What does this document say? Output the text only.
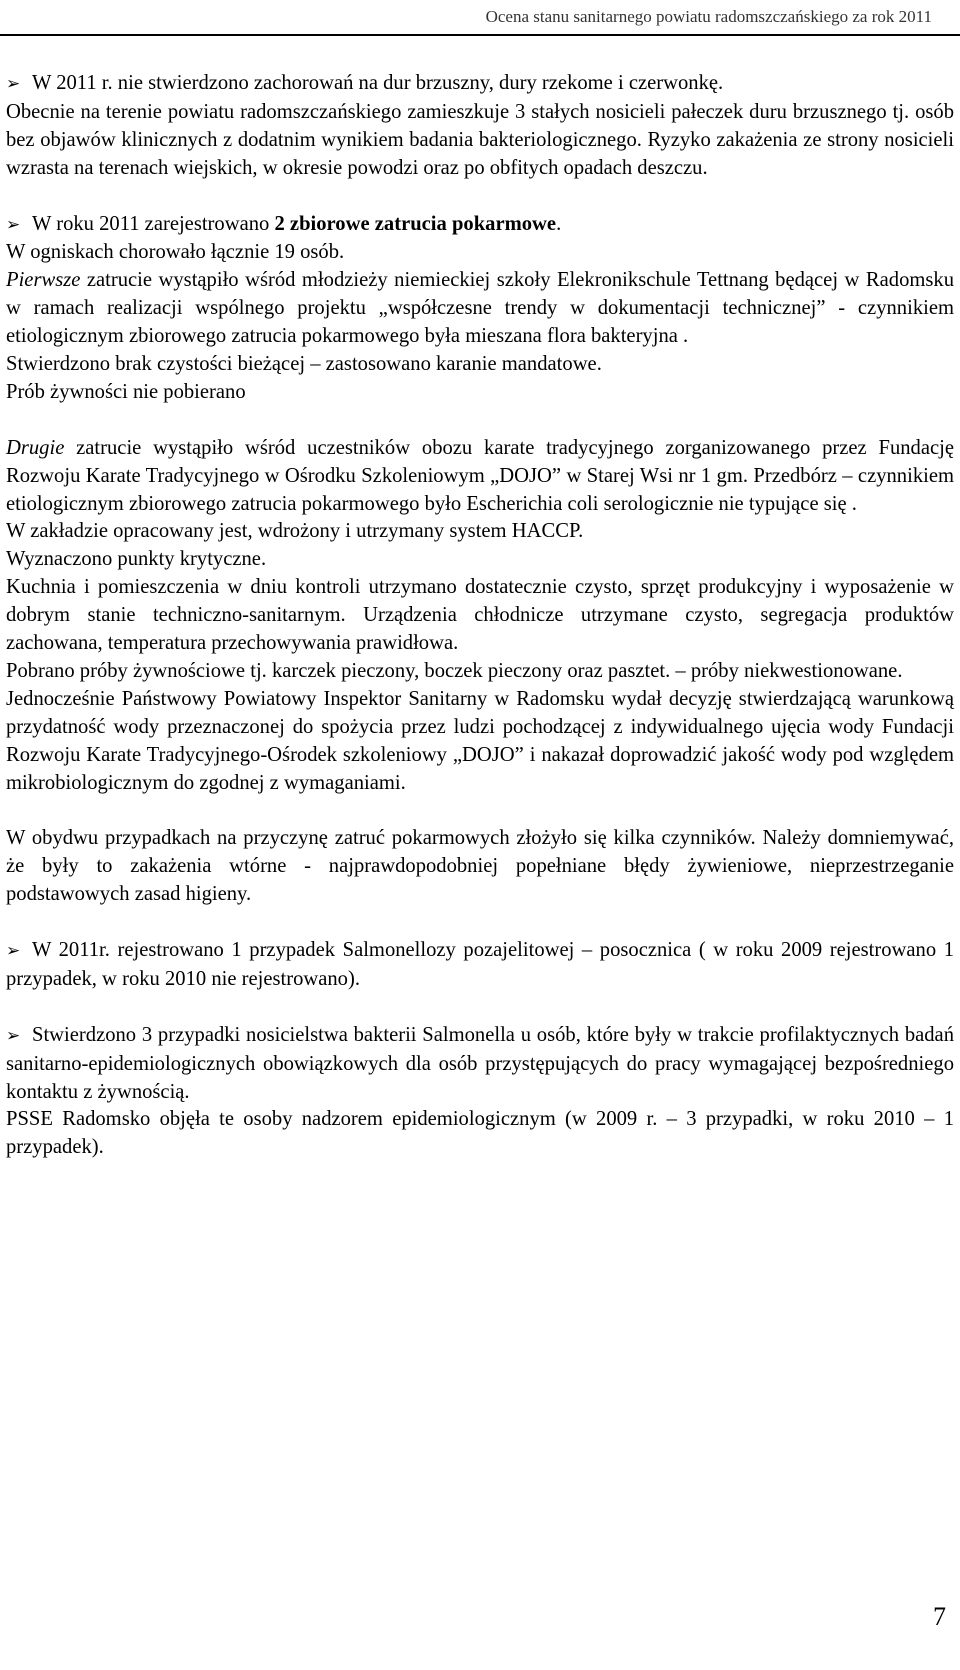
Ocena stanu sanitarnego powiatu radomszczańskiego za rok 2011

➢ W 2011 r. nie stwierdzono zachorowań na dur brzuszny, dury rzekome i czerwonkę.

Obecnie na terenie powiatu radomszczańskiego zamieszkuje 3 stałych nosicieli pałeczek duru brzusznego tj. osób bez objawów klinicznych z dodatnim wynikiem badania bakteriologicznego. Ryzyko zakażenia ze strony nosicieli wzrasta na terenach wiejskich, w okresie powodzi oraz po obfitych opadach deszczu.

➢ W roku 2011 zarejestrowano 2 zbiorowe zatrucia pokarmowe.

W ogniskach chorowało łącznie 19 osób.

Pierwsze zatrucie wystąpiło wśród młodzieży niemieckiej szkoły Elekronikschule Tettnang będącej w Radomsku w ramach realizacji wspólnego projektu „współczesne trendy w dokumentacji technicznej” - czynnikiem etiologicznym zbiorowego zatrucia pokarmowego była mieszana flora bakteryjna .

Stwierdzono brak czystości bieżącej – zastosowano karanie mandatowe.

Prób żywności nie pobierano

Drugie zatrucie wystąpiło wśród uczestników obozu karate tradycyjnego zorganizowanego przez Fundację Rozwoju Karate Tradycyjnego w Ośrodku Szkoleniowym „DOJO” w Starej Wsi nr 1 gm. Przedbórz – czynnikiem etiologicznym zbiorowego zatrucia pokarmowego było Escherichia coli serologicznie nie typujące się .

W zakładzie opracowany jest, wdrożony i utrzymany system HACCP.

Wyznaczono punkty krytyczne.

Kuchnia i pomieszczenia w dniu kontroli utrzymano dostatecznie czysto, sprzęt produkcyjny i wyposażenie w dobrym stanie techniczno-sanitarnym. Urządzenia chłodnicze utrzymane czysto, segregacja produktów zachowana, temperatura przechowywania prawidłowa.

Pobrano próby żywnościowe tj. karczek pieczony, boczek pieczony oraz pasztet. – próby niekwestionowane.

Jednocześnie Państwowy Powiatowy Inspektor Sanitarny w Radomsku wydał decyzję stwierdzającą warunkową przydatność wody przeznaczonej do spożycia przez ludzi pochodzącej z indywidualnego ujęcia wody Fundacji Rozwoju Karate Tradycyjnego-Ośrodek szkoleniowy „DOJO” i nakazał doprowadzić jakość wody pod względem mikrobiologicznym do zgodnej z wymaganiami.

W obydwu przypadkach na przyczynę zatruć pokarmowych złożyło się kilka czynników. Należy domniemywać, że były to zakażenia wtórne - najprawdopodobniej popełniane błędy żywieniowe, nieprzestrzeganie podstawowych zasad higieny.

➢ W 2011r. rejestrowano 1 przypadek Salmonellozy pozajelitowej – posocznica ( w roku 2009 rejestrowano 1 przypadek, w roku 2010 nie rejestrowano).

➢ Stwierdzono 3 przypadki nosicielstwa bakterii Salmonella u osób, które były w trakcie profilaktycznych badań sanitarno-epidemiologicznych obowiązkowych dla osób przystępujących do pracy wymagającej bezpośredniego kontaktu z żywnością.

PSSE Radomsko objęła te osoby nadzorem epidemiologicznym (w 2009 r. – 3 przypadki, w roku 2010 – 1 przypadek).

7
